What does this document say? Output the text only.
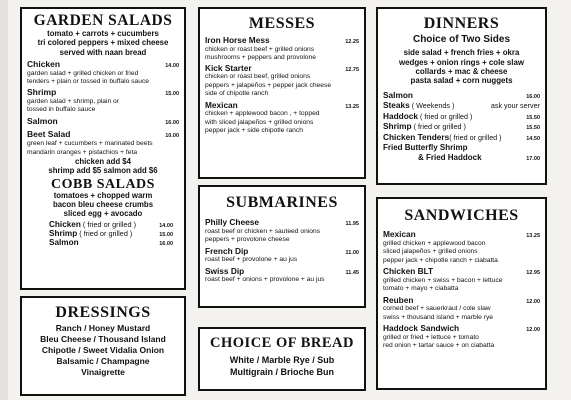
GARDEN SALADS
tomato + carrots + cucumbers
tri colored peppers + mixed cheese
served with naan bread
Chicken	14.00
garden salad + grilled chicken or fried
tenders + plain or tossed in buffalo sauce
Shrimp	15.00
garden salad + shrimp, plain or
tossed in buffalo sauce
Salmon	16.00
Beet Salad	10.00
green leaf + cucumbers + marinated beets
mandarin oranges + pistachios + feta
chicken add $4
shrimp add $5 salmon add $6
COBB SALADS
tomatoes + chopped warm
bacon bleu cheese crumbs
sliced egg + avocado
Chicken ( fried or grilled )	14.00
Shrimp ( fried or grilled )	15.00
Salmon	16.00
DRESSINGS
Ranch / Honey Mustard
Bleu Cheese / Thousand Island
Chipotle / Sweet Vidalia Onion
Balsamic / Champagne
Vinaigrette
MESSES
Iron Horse Mess	12.25
chicken or roast beef + grilled onions
mushrooms + peppers and provolone
Kick Starter	12.75
chicken or roast beef, grilled onions
peppers + jalapeños + pepper jack cheese
side of chipotle ranch
Mexican	13.25
chicken + applewood bacon , + topped
with sliced jalapeños + grilled onions
pepper jack + side chipotle ranch
SUBMARINES
Philly Cheese	11.95
roast beef or chicken + sauteed onions
peppers + provolone cheese
French Dip	11.00
roast beef + provolone + au jus
Swiss Dip	11.45
roast beef + onions + provolone + au jus
CHOICE OF BREAD
White / Marble Rye / Sub
Multigrain / Brioche Bun
DINNERS
Choice of Two Sides
side salad + french fries + okra
wedges + onion rings + cole slaw
collards + mac & cheese
pasta salad + corn nuggets
Salmon	16.00
Steaks ( Weekends )	ask your server
Haddock ( fried or grilled )	15.50
Shrimp ( fried or grilled )	15.50
Chicken Tenders( fried or grilled )	14.50
Fried Butterfly Shrimp
& Fried Haddock	17.00
SANDWICHES
Mexican	13.25
grilled chicken + applewood bacon
sliced jalapeños + grilled onions
pepper jack + chipotle ranch + ciabatta
Chicken BLT	12.95
grilled chicken + swiss + bacon + lettuce
tomato + mayo + ciabatta
Reuben	12.00
corned beef + sauerkraut / cole slaw
swiss + thousand island + marble rye
Haddock Sandwich	12.00
grilled or fried + lettuce + tomato
red onion + tartar sauce + on ciabatta
